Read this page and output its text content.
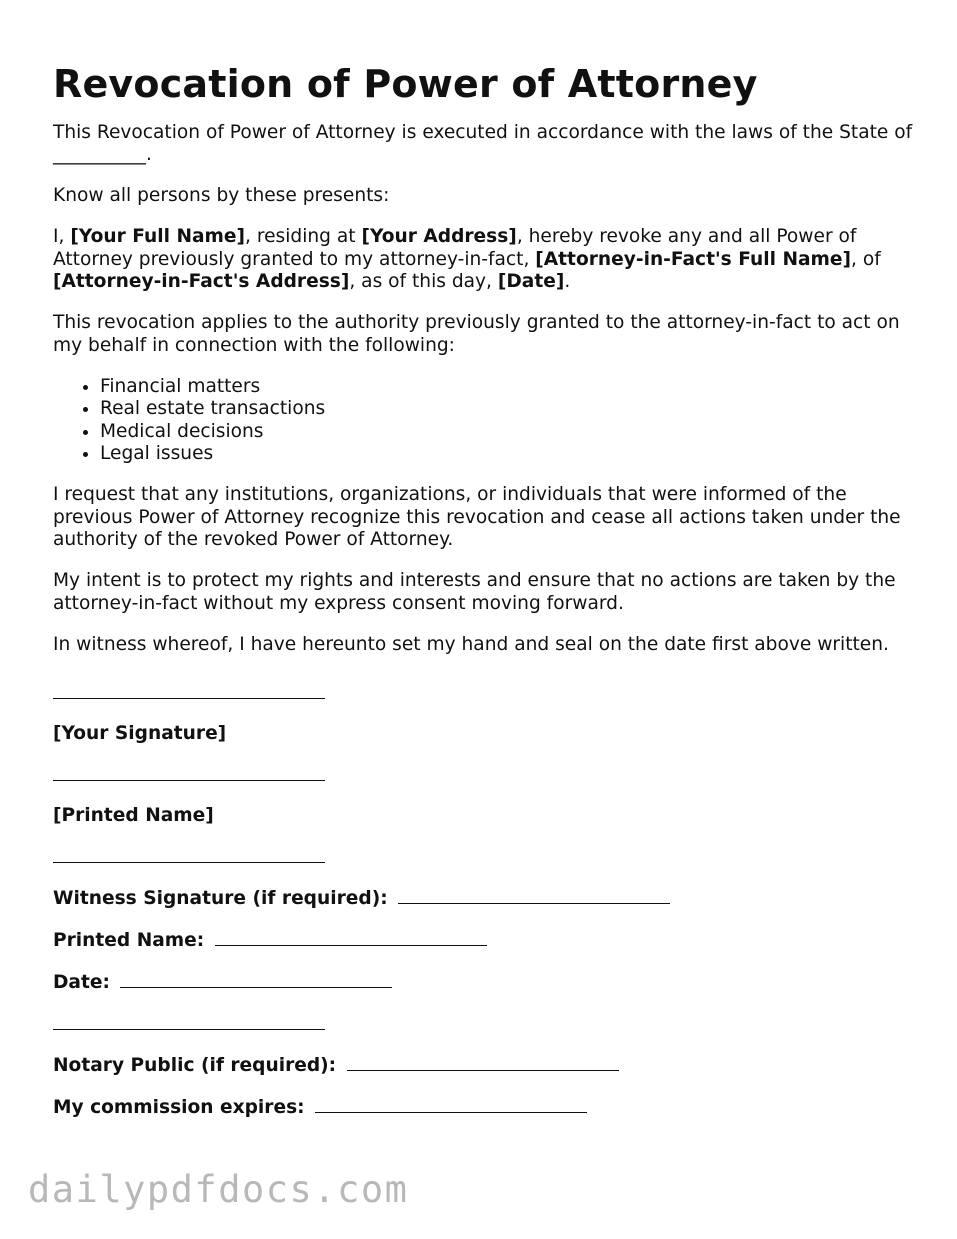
Revocation of Power of Attorney

This Revocation of Power of Attorney is executed in accordance with the laws of the State of __________.

Know all persons by these presents:

I, [Your Full Name], residing at [Your Address], hereby revoke any and all Power of Attorney previously granted to my attorney-in-fact, [Attorney-in-Fact's Full Name], of [Attorney-in-Fact's Address], as of this day, [Date].

This revocation applies to the authority previously granted to the attorney-in-fact to act on my behalf in connection with the following:

• Financial matters
• Real estate transactions
• Medical decisions
• Legal issues

I request that any institutions, organizations, or individuals that were informed of the previous Power of Attorney recognize this revocation and cease all actions taken under the authority of the revoked Power of Attorney.

My intent is to protect my rights and interests and ensure that no actions are taken by the attorney-in-fact without my express consent moving forward.

In witness whereof, I have hereunto set my hand and seal on the date first above written.

[Your Signature]
[Printed Name]
Witness Signature (if required):
Printed Name:
Date:
Notary Public (if required):
My commission expires:
dailypdfdocs.com
